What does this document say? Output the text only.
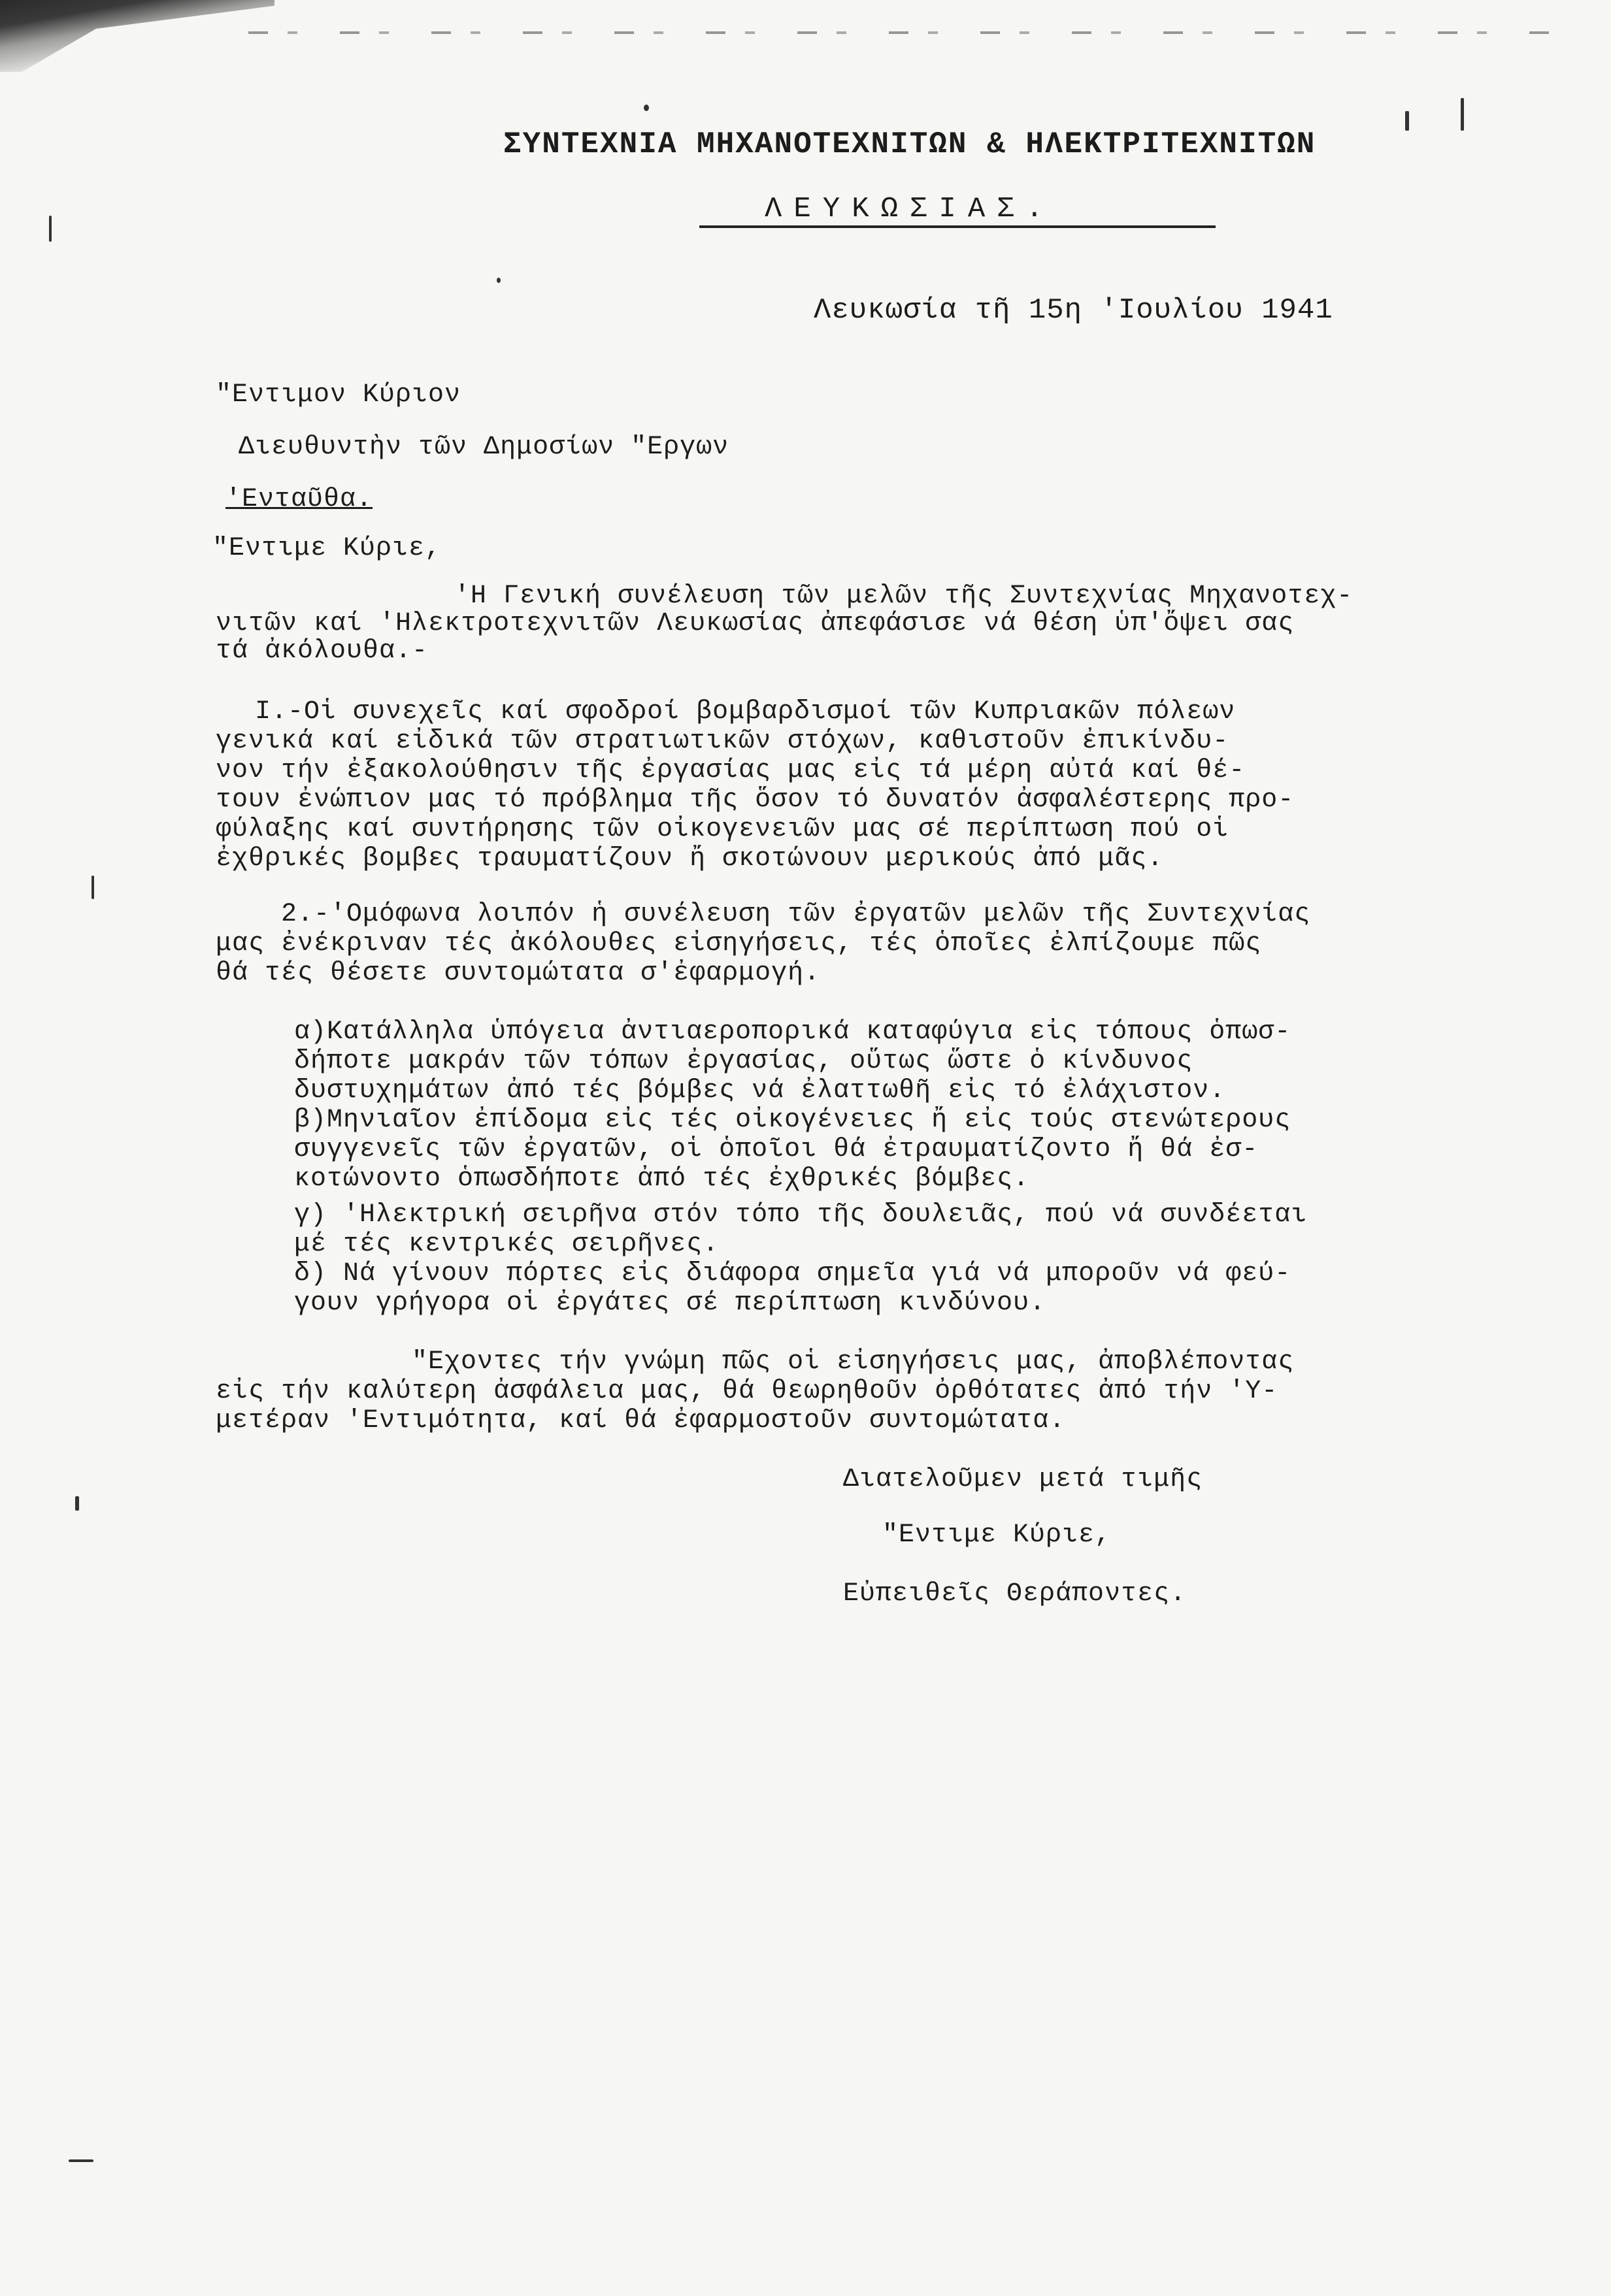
ΣΥΝΤΕΧΝΙΑ ΜΗΧΑΝΟΤΕΧΝΙΤΩΝ & ΗΛΕΚΤΡΙΤΕΧΝΙΤΩΝ
ΛΕΥΚΩΣΙΑΣ.
Λευκωσία τῆ 15η 'Ιουλίου 1941
"Εντιμον Κύριον
Διευθυντὴν τῶν Δημοσίων "Εργων
'Ενταῦθα.
"Εντιμε Κύριε,
'Η Γενική συνέλευση τῶν μελῶν τῆς Συντεχνίας Μηχανοτεχ-
νιτῶν καί 'Ηλεκτροτεχνιτῶν Λευκωσίας ἀπεφάσισε νά θέση ὑπ'ὄψει σας
τά ἀκόλουθα.-
I.-Οἱ συνεχεῖς καί σφοδροί βομβαρδισμοί τῶν Κυπριακῶν πόλεων
γενικά καί εἰδικά τῶν στρατιωτικῶν στόχων, καθιστοῦν ἐπικίνδυ-
νον τήν ἐξακολούθησιν τῆς ἐργασίας μας εἰς τά μέρη αὐτά καί θέ-
τουν ἐνώπιον μας τό πρόβλημα τῆς ὅσον τό δυνατόν ἀσφαλέστερης προ-
φύλαξης καί συντήρησης τῶν οἰκογενειῶν μας σέ περίπτωση πού οἱ
ἐχθρικές βομβες τραυματίζουν ἤ σκοτώνουν μερικούς ἀπό μᾶς.
2.-'Ομόφωνα λοιπόν ἡ συνέλευση τῶν ἐργατῶν μελῶν τῆς Συντεχνίας
μας ἐνέκριναν τές ἀκόλουθες εἰσηγήσεις, τές ὁποῖες ἐλπίζουμε πῶς
θά τές θέσετε συντομώτατα σ'ἐφαρμογή.
α)Κατάλληλα ὑπόγεια ἀντιαεροπορικά καταφύγια εἰς τόπους ὁπωσ-
δήποτε μακράν τῶν τόπων ἐργασίας, οὕτως ὥστε ὁ κίνδυνος
δυστυχημάτων ἀπό τές βόμβες νά ἐλαττωθῆ εἰς τό ἐλάχιστον.
β)Μηνιαῖον ἐπίδομα εἰς τές οἰκογένειες ἤ εἰς τούς στενώτερους
συγγενεῖς τῶν ἐργατῶν, οἱ ὁποῖοι θά ἐτραυματίζοντο ἤ θά ἐσ-
κοτώνοντο ὁπωσδήποτε ἀπό τές ἐχθρικές βόμβες.
γ) 'Ηλεκτρική σειρῆνα στόν τόπο τῆς δουλειᾶς, πού νά συνδέεται
μέ τές κεντρικές σειρῆνες.
δ) Νά γίνουν πόρτες εἰς διάφορα σημεῖα γιά νά μποροῦν νά φεύ-
γουν γρήγορα οἱ ἐργάτες σέ περίπτωση κινδύνου.
"Εχοντες τήν γνώμη πῶς οἱ εἰσηγήσεις μας, ἀποβλέποντας
εἰς τήν καλύτερη ἀσφάλεια μας, θά θεωρηθοῦν ὀρθότατες ἀπό τήν 'Υ-
μετέραν 'Εντιμότητα, καί θά ἐφαρμοστοῦν συντομώτατα.
Διατελοῦμεν μετά τιμῆς
"Εντιμε Κύριε,
Εὐπειθεῖς Θεράποντες.
